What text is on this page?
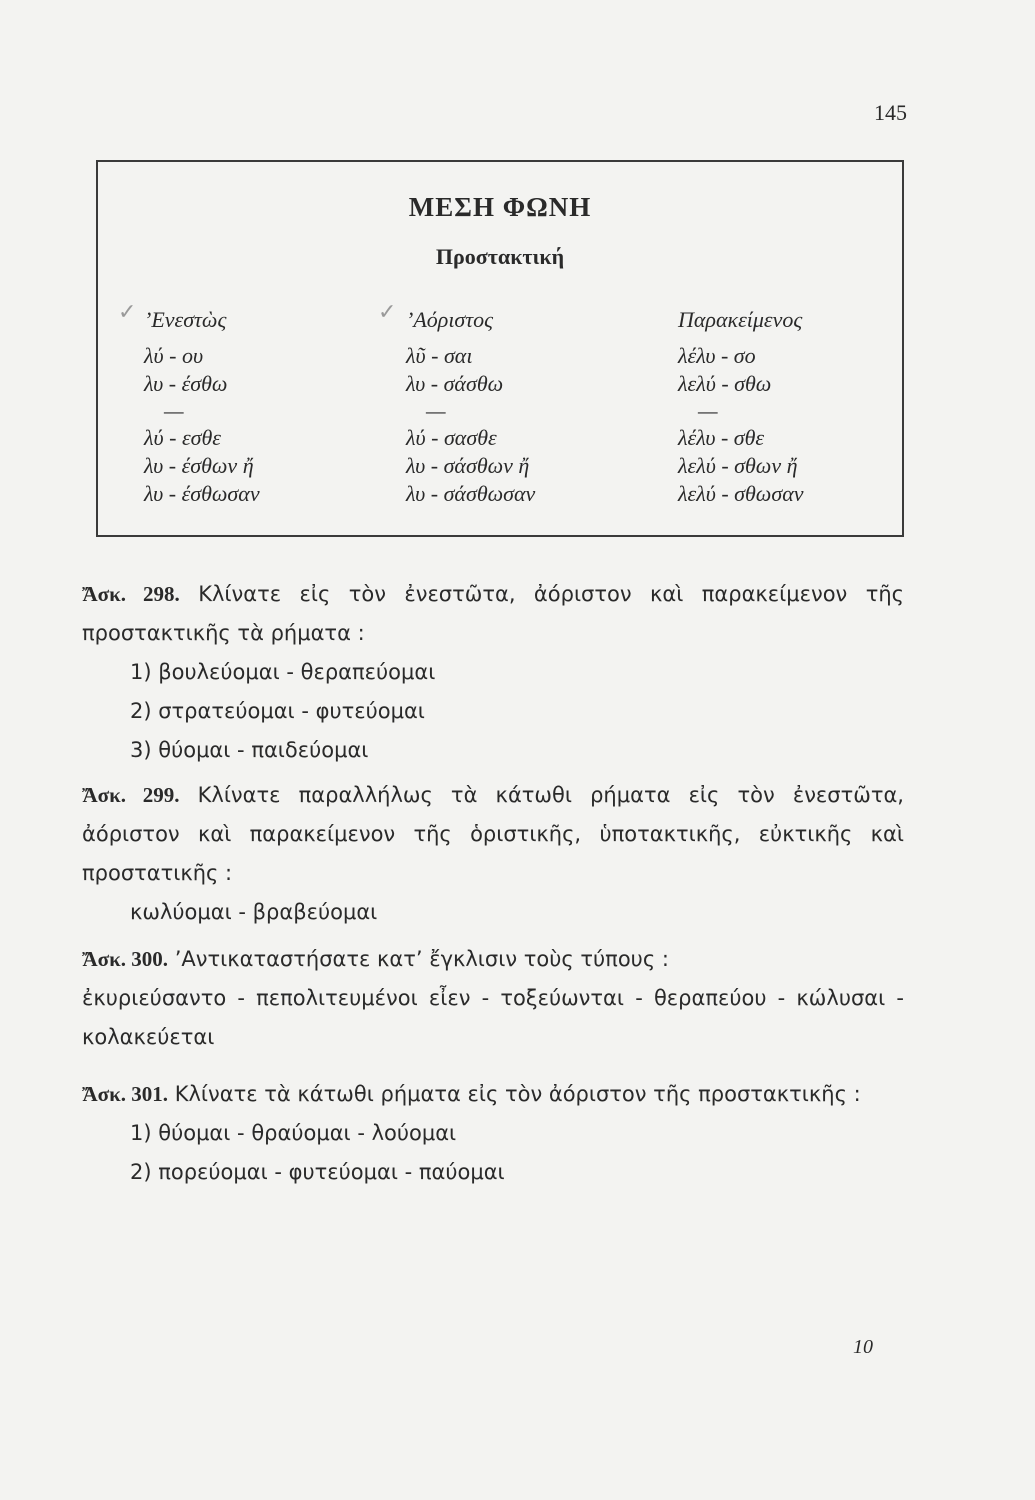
145
ΜΕΣΗ ΦΩΝΗ
Προστακτική
✓	✓
’Ενεστὼς
λύ - ου
λυ - έσθω
—
λύ - εσθε
λυ - έσθων ἤ
λυ - έσθωσαν
’Αόριστος
λῦ - σαι
λυ - σάσθω
—
λύ - σασθε
λυ - σάσθων ἤ
λυ - σάσθωσαν
Παρακείμενος
λέλυ - σο
λελύ - σθω
—
λέλυ - σθε
λελύ - σθων ἤ
λελύ - σθωσαν
Ἄσκ. 298. Κλίνατε εἰς τὸν ἐνεστῶτα, ἀόριστον καὶ παρακείμενον τῆς προστακτικῆς τὰ ρήματα :
1) βουλεύομαι - θεραπεύομαι
2) στρατεύομαι - φυτεύομαι
3) θύομαι - παιδεύομαι
Ἄσκ. 299. Κλίνατε παραλλήλως τὰ κάτωθι ρήματα εἰς τὸν ἐνεστῶτα, ἀόριστον καὶ παρακείμενον τῆς ὁριστικῆς, ὑποτακτικῆς, εὐκτικῆς καὶ προστατικῆς :
κωλύομαι - βραβεύομαι
Ἄσκ. 300. ’Αντικαταστήσατε κατ’ ἔγκλισιν τοὺς τύπους :
ἐκυριεύσαντο - πεπολιτευμένοι εἶεν - τοξεύωνται - θεραπεύου - κώλυσαι - κολακεύεται
Ἄσκ. 301. Κλίνατε τὰ κάτωθι ρήματα εἰς τὸν ἀόριστον τῆς προστακτικῆς :
1) θύομαι - θραύομαι - λούομαι
2) πορεύομαι - φυτεύομαι - παύομαι
10
